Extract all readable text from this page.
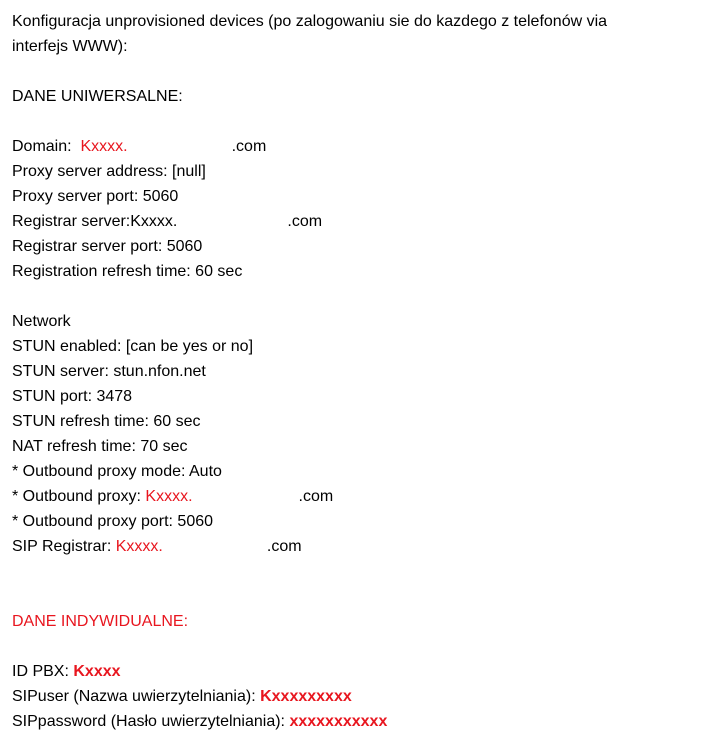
Konfiguracja unprovisioned devices (po zalogowaniu sie do kazdego z telefonów via
interfejs WWW):
DANE UNIWERSALNE:
Domain:  Kxxxx.	.com
Proxy server address: [null]
Proxy server port: 5060
Registrar server:Kxxxx.	.com
Registrar server port: 5060
Registration refresh time: 60 sec
Network
STUN enabled: [can be yes or no]
STUN server: stun.nfon.net
STUN port: 3478
STUN refresh time: 60 sec
NAT refresh time: 70 sec
* Outbound proxy mode: Auto
* Outbound proxy: Kxxxx.	.com
* Outbound proxy port: 5060
SIP Registrar: Kxxxx.	.com
DANE INDYWIDUALNE:
ID PBX: Kxxxx
SIPuser (Nazwa uwierzytelniania): Kxxxxxxxxx
SIPpassword (Hasło uwierzytelniania): xxxxxxxxxxx
